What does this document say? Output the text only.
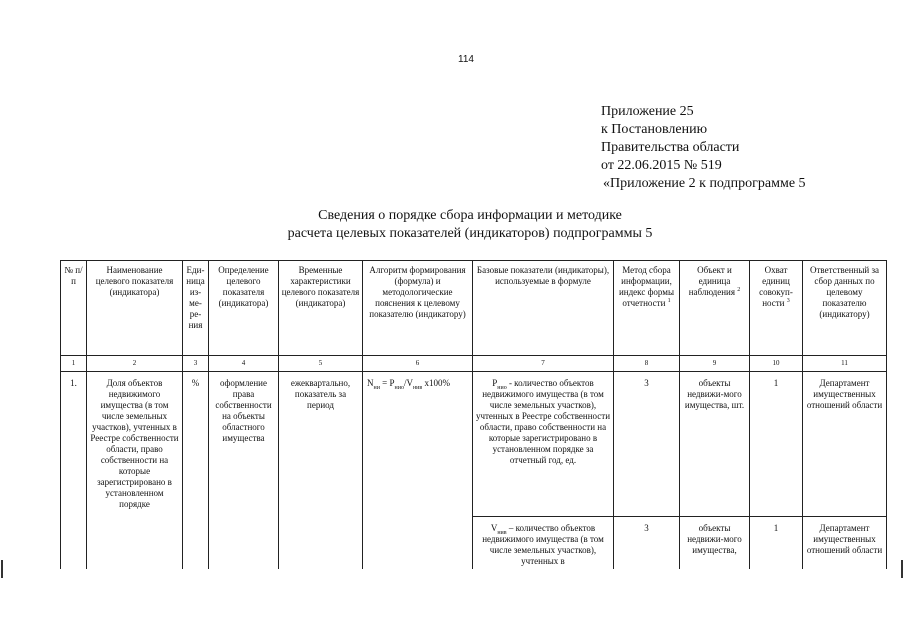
114
Приложение 25
к Постановлению
Правительства области
от 22.06.2015 № 519
«Приложение 2 к подпрограмме 5
Сведения о порядке сбора информации и методике
расчета целевых показателей (индикаторов) подпрограммы 5
№ п/п	Наименование целевого показателя (индикатора)	Еди-ница из-ме-ре-ния	Определение целевого показателя (индикатора)	Временные характеристики целевого показателя (индикатора)	Алгоритм формирования (формула) и методологические пояснения к целевому показателю (индикатору)	Базовые показатели (индикаторы), используемые в формуле	Метод сбора информации, индекс формы отчетности $^1$	Объект и единица наблюдения $^2$	Охват единиц совокуп-ности $^3$	Ответственный за сбор данных по целевому показателю (индикатору)
1	2	3	4	5	6	7	8	9	10	11
1.	Доля объектов недвижимого имущества (в том числе земельных участков), учтенных в Реестре собственности области, право собственности на которые зарегистрировано в установленном порядке	%	оформление права собственности на объекты областного имущества	ежеквартально, показатель за период	$N_{ни} = P_{нио}/V_{нив}$ x100%	$P_{нио}$ - количество объектов недвижимого имущества (в том числе земельных участков), учтенных в Реестре собственности области, право собственности на которые зарегистрировано в установленном порядке за отчетный год, ед.	3	объекты недвижи-мого имущества, шт.	1	Департамент имущественных отношений области
						$V_{нив}$ – количество объектов недвижимого имущества (в том числе земельных участков), учтенных в	3	объекты недвижи-мого имущества,	1	Департамент имущественных отношений области
